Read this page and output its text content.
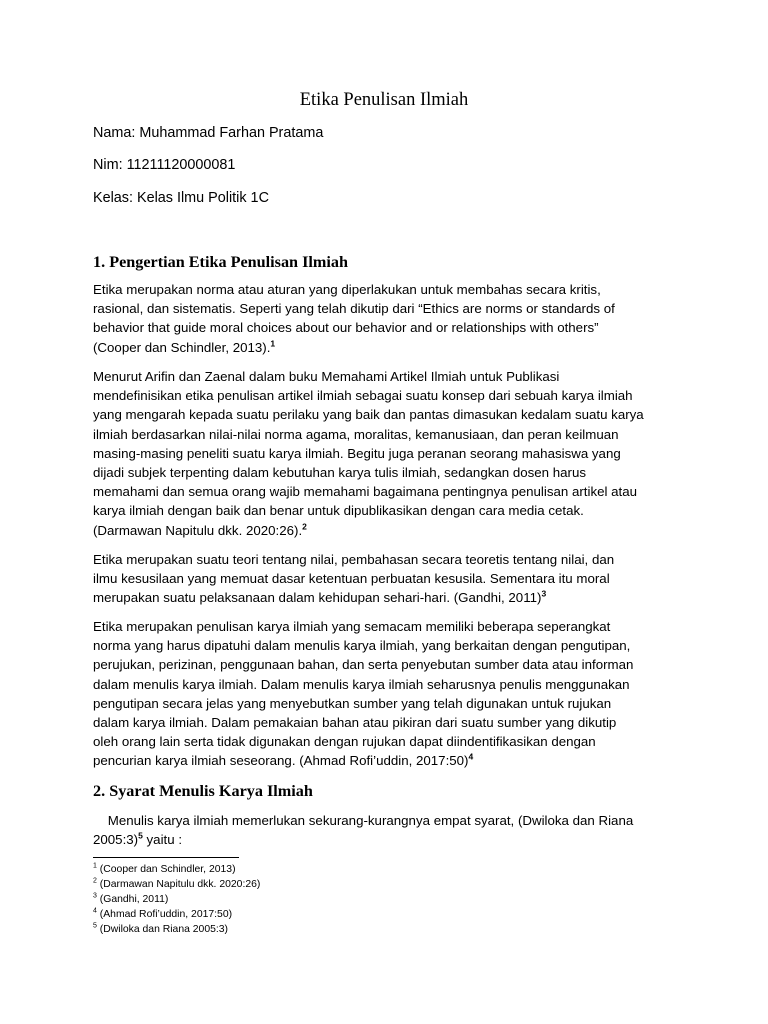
Etika Penulisan Ilmiah

Nama: Muhammad Farhan Pratama

Nim: 11211120000081

Kelas: Kelas Ilmu Politik 1C

1. Pengertian Etika Penulisan Ilmiah
Etika merupakan norma atau aturan yang diperlakukan untuk membahas secara kritis,
rasional, dan sistematis. Seperti yang telah dikutip dari “Ethics are norms or standards of
behavior that guide moral choices about our behavior and or relationships with others”
(Cooper dan Schindler, 2013).$^1$
Menurut Arifin dan Zaenal dalam buku Memahami Artikel Ilmiah untuk Publikasi
mendefinisikan etika penulisan artikel ilmiah sebagai suatu konsep dari sebuah karya ilmiah
yang mengarah kepada suatu perilaku yang baik dan pantas dimasukan kedalam suatu karya
ilmiah berdasarkan nilai-nilai norma agama, moralitas, kemanusiaan, dan peran keilmuan
masing-masing peneliti suatu karya ilmiah. Begitu juga peranan seorang mahasiswa yang
dijadi subjek terpenting dalam kebutuhan karya tulis ilmiah, sedangkan dosen harus
memahami dan semua orang wajib memahami bagaimana pentingnya penulisan artikel atau
karya ilmiah dengan baik dan benar untuk dipublikasikan dengan cara media cetak.
(Darmawan Napitulu dkk. 2020:26).$^2$
Etika merupakan suatu teori tentang nilai, pembahasan secara teoretis tentang nilai, dan
ilmu kesusilaan yang memuat dasar ketentuan perbuatan kesusila. Sementara itu moral
merupakan suatu pelaksanaan dalam kehidupan sehari-hari. (Gandhi, 2011)$^3$
Etika merupakan penulisan karya ilmiah yang semacam memiliki beberapa seperangkat
norma yang harus dipatuhi dalam menulis karya ilmiah, yang berkaitan dengan pengutipan,
perujukan, perizinan, penggunaan bahan, dan serta penyebutan sumber data atau informan
dalam menulis karya ilmiah. Dalam menulis karya ilmiah seharusnya penulis menggunakan
pengutipan secara jelas yang menyebutkan sumber yang telah digunakan untuk rujukan
dalam karya ilmiah. Dalam pemakaian bahan atau pikiran dari suatu sumber yang dikutip
oleh orang lain serta tidak digunakan dengan rujukan dapat diindentifikasikan dengan
pencurian karya ilmiah seseorang. (Ahmad Rofi’uddin, 2017:50)$^4$
2. Syarat Menulis Karya Ilmiah
Menulis karya ilmiah memerlukan sekurang-kurangnya empat syarat, (Dwiloka dan Riana
2005:3)$^5$ yaitu :
$^1$ (Cooper dan Schindler, 2013)
$^2$ (Darmawan Napitulu dkk. 2020:26)
$^3$ (Gandhi, 2011)
$^4$ (Ahmad Rofi’uddin, 2017:50)
$^5$ (Dwiloka dan Riana 2005:3)
